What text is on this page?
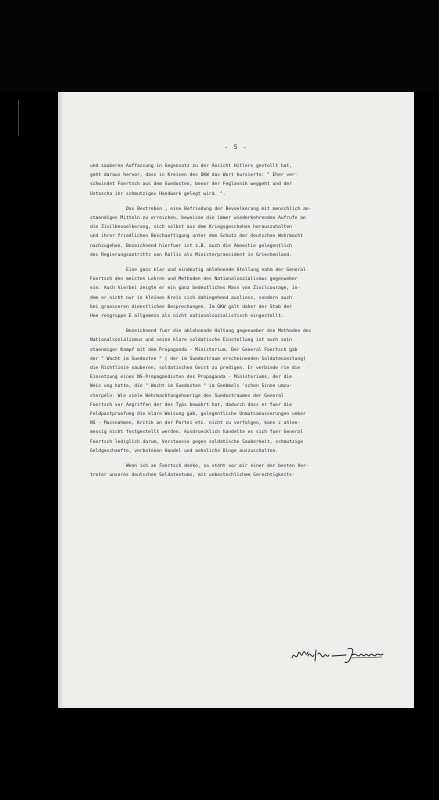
- 5 -
und sauberen Auffassung in Gegensatz zu der Ansicht Hitlers gestellt hat,
geht daraus hervor, dass in Kreisen des OKW das Wort kursierte: " Eher ver-
schwindet Foertsch aus dem Suedosten, bevor der Feglavnik weggeht und der
Ustascha ihr schmutziges Handwerk gelegt wird. ".
Das Bestreben , eine Befriedung der Bevoelkerung mit menschlich an-
staendigen Mitteln zu erreichen, beweisen die immer wiederkehrenden Aufrufe an
die Zivilbevoelkerung, sich selbst aus dem Kriegsgeschehen herauszuhalten
und ihrer friedlichen Beschaeftigung unter dem Schutz der deutschen Wehrmacht
nachzugehen. Bezeichnend hierfuer ist z.B. auch die Amnestie gelegentlich
des Regierungsantritts von Rallis als Ministerpraesident in Griechenland.
Eine ganz klar und eindeutig ablehnende Stellung nahm der General
Foertsch den meisten Lehren und Methoden des Nationalsozialismus gegenueber
ein. Auch hierbei zeigte er ein ganz bedeutliches Mass von Zivilcourage, in-
dem er nicht nur in kleinen Kreis sich dahingehend ausliess, sondern auch
bei groesseren dienstlichen Besprechungen. Im OKW galt daher der Stab der
Hee resgruppe E allgemein als nicht nationalsozialistisch eingestellt.
Bezeichnend fuer die ablehnende Haltung gegenueber den Methoden des
Nationalsozialismus und seine klare soldatische Einstellung ist auch sein
staendiger Kampf mit dem Propaganda - Ministerium. Der General Foertsch gab
der " Wacht im Suedosten " ( der im Suedostraum erscheinenden Soldatenzeitung)
die Richtlinie sauberen, soldatischen Geist zu predigen. Er verbinde rie die
Einsetzung eines NS-Propagandisten des Propaganda - Ministeriums, der die
Weis ung hatte, die " Wacht im Suedosten " im Goebbels 'schen Sinne umzu-
sterpeln. Wie viele Wehrmachtangehoerige des Suedostraumes der General
Foertsch vor Angriffen der des Typs bewahrt hat, dadurch dass er fuer die
Feldpostpruefung die klare Weisung gab, gelegentliche Unmutsaeusserungen ueber
NS - Massnahmen, Kritik an der Partei etc. nicht zu verfolgen, kann z ahlen-
messig nicht festgestellt werden. Ausdruecklich handelte es sich fuer General
Foertsch lediglich darum, Verstoesse gegen soldatische Sauberkeit, schmutzige
Geldgeschaefte, verbotenen Handel und aehnliche Dinge auszuschalten.
Wenn ich an Foertsch denke, so steht vor mir einer der besten Ver-
treter unseres deutschen Soldatentums, mit unbestechlichem Gerechtigkeits-
